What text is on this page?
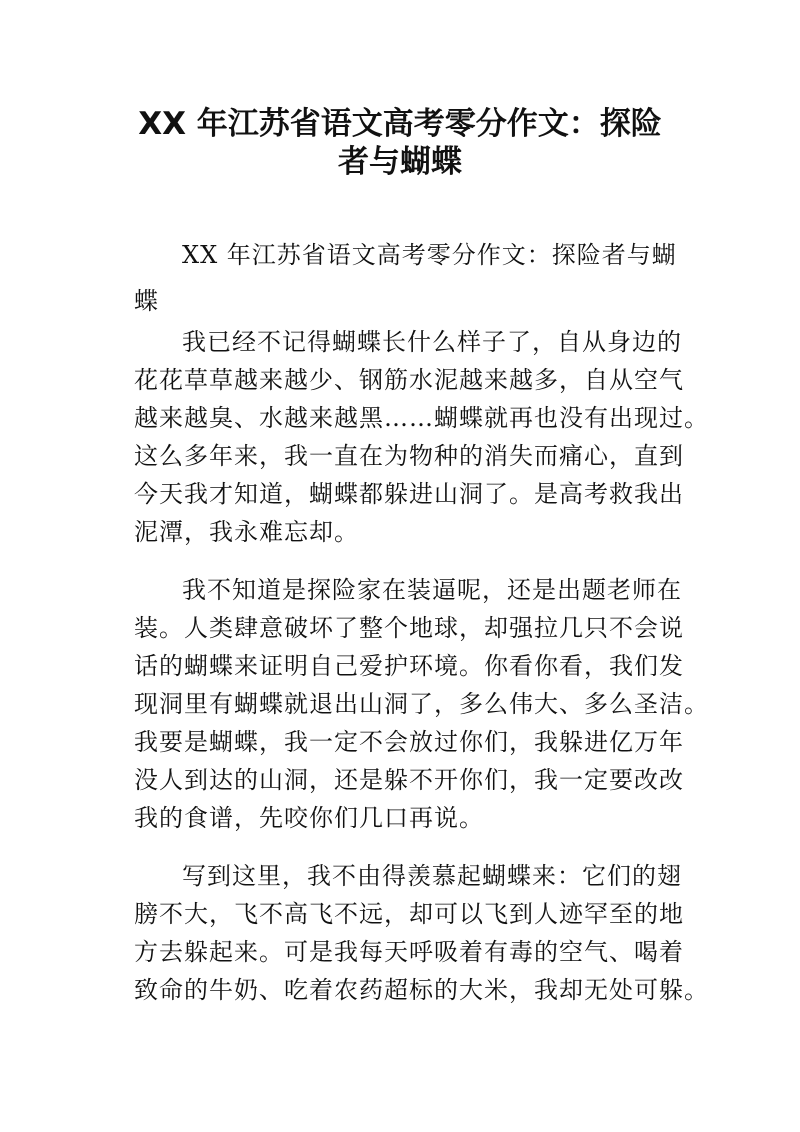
XX 年江苏省语文高考零分作文：探险
者与蝴蝶

XX 年江苏省语文高考零分作文：探险者与蝴

蝶

我已经不记得蝴蝶长什么样子了，自从身边的

花花草草越来越少、钢筋水泥越来越多，自从空气

越来越臭、水越来越黑……蝴蝶就再也没有出现过。

这么多年来，我一直在为物种的消失而痛心，直到

今天我才知道，蝴蝶都躲进山洞了。是高考救我出

泥潭，我永难忘却。

我不知道是探险家在装逼呢，还是出题老师在

装。人类肆意破坏了整个地球，却强拉几只不会说

话的蝴蝶来证明自己爱护环境。你看你看，我们发

现洞里有蝴蝶就退出山洞了，多么伟大、多么圣洁。

我要是蝴蝶，我一定不会放过你们，我躲进亿万年

没人到达的山洞，还是躲不开你们，我一定要改改

我的食谱，先咬你们几口再说。

写到这里，我不由得羡慕起蝴蝶来：它们的翅

膀不大，飞不高飞不远，却可以飞到人迹罕至的地

方去躲起来。可是我每天呼吸着有毒的空气、喝着

致命的牛奶、吃着农药超标的大米，我却无处可躲。
